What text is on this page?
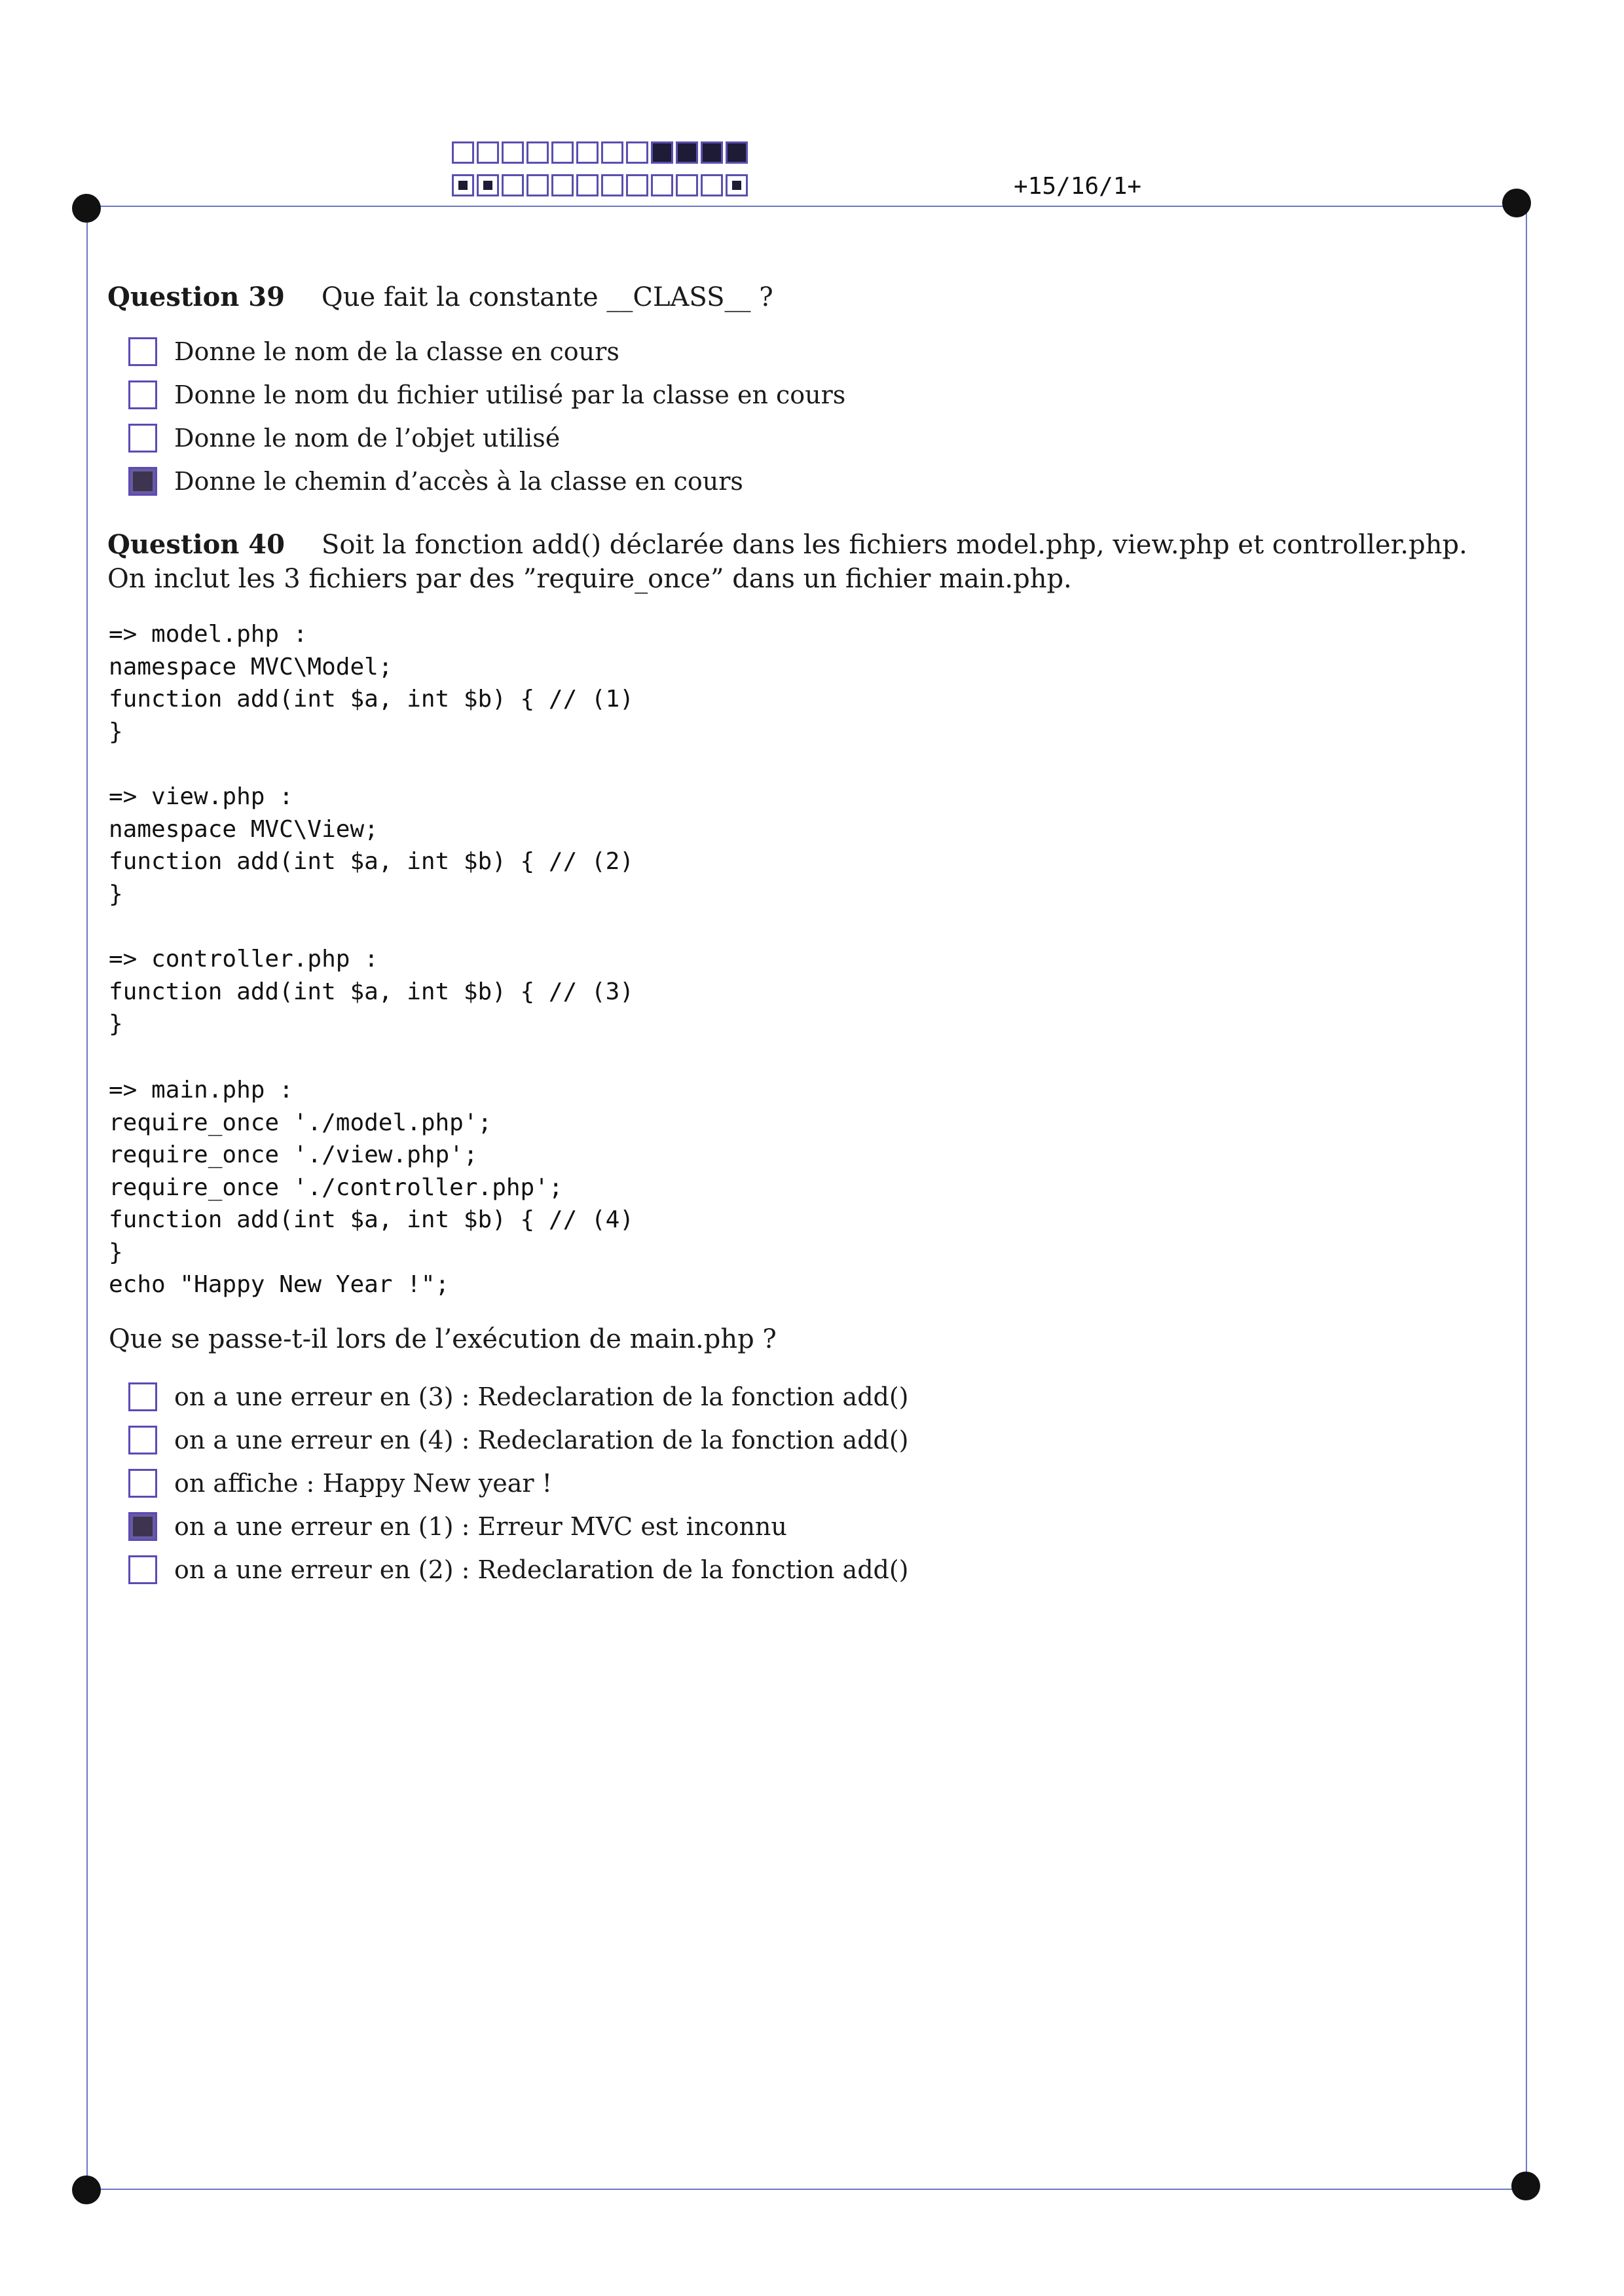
+15/16/1+
Question 39 Que fait la constante __CLASS__ ?
Donne le nom de la classe en cours
Donne le nom du fichier utilisé par la classe en cours
Donne le nom de l’objet utilisé
Donne le chemin d’accès à la classe en cours
Question 40 Soit la fonction add() déclarée dans les fichiers model.php, view.php et controller.php. On inclut les 3 fichiers par des ”require_once” dans un fichier main.php.
=> model.php :
namespace MVC\Model;
function add(int $a, int $b) { // (1)
}
=> view.php :
namespace MVC\View;
function add(int $a, int $b) { // (2)
}
=> controller.php :
function add(int $a, int $b) { // (3)
}
=> main.php :
require_once './model.php';
require_once './view.php';
require_once './controller.php';
function add(int $a, int $b) { // (4)
}
echo "Happy New Year !";
Que se passe-t-il lors de l’exécution de main.php ?
on a une erreur en (3) : Redeclaration de la fonction add()
on a une erreur en (4) : Redeclaration de la fonction add()
on affiche : Happy New year !
on a une erreur en (1) : Erreur MVC est inconnu
on a une erreur en (2) : Redeclaration de la fonction add()
